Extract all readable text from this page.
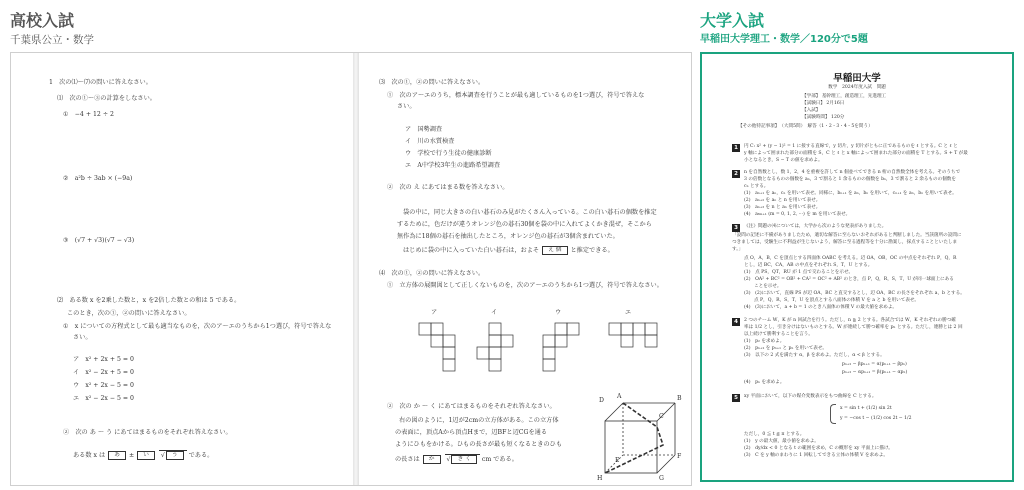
高校入試
千葉県公立・数学
大学入試
早稲田大学理工・数学／120分で5題
1　次の⑴～⑺の問いに答えなさい。
⑴　次の①～③の計算をしなさい。
①　−4 + 12 ÷ 2
②　a²b ÷ 3ab × (−9a)
③　(√7 + √3)(√7 − √3)
⑵　ある数 x を2乗した数と，x を2倍した数との和は 5 である。
このとき，次の①，②の問いに答えなさい。
①　x についての方程式として最も適当なものを，次のア～エのうちから1つ選び，符号で答えな
さい。
ア　x² + 2x + 5 = 0
イ　x² − 2x + 5 = 0
ウ　x² + 2x − 5 = 0
エ　x² − 2x − 5 = 0
②　次の あ ～ う にあてはまるものをそれぞれ答えなさい。
ある数 x は あ ± い √ う である。
⑶　次の①，②の問いに答えなさい。
①　次のア～エのうち，標本調査を行うことが最も適しているものを1つ選び，符号で答えな
さい。
ア　国勢調査
イ　川の水質検査
ウ　学校で行う生徒の健康診断
エ　A中学校3年生の進路希望調査
②　次の え にあてはまる数を答えなさい。
袋の中に，同じ大きさの白い碁石のみ見がたくさん入っている。この白い碁石の個数を推定
するために，色だけが違うオレンジ色の碁石30個を袋の中に入れてよくかき混ぜ，そこから
無作為に18個の碁石を抽出したところ，オレンジ色の碁石が3個含まれていた。
はじめに袋の中に入っていた白い碁石は，およそ え 個 と推定できる。
⑷　次の①，②の問いに答えなさい。
①　立方体の展開図として正しくないものを，次のア～エのうちから1つ選び，符号で答えなさい。
ア	イ	ウ	エ
D
A	B
C
E
F
G
H
②　次の か ～ く にあてはまるものをそれぞれ答えなさい。
右の図のように，1辺が2cmの立方体がある。この立方体
の表面に，頂点Aから頂点Hまで，辺BFと辺CGを通る
ようにひもをかける。ひもの長さが最も短くなるときのひも
の長さは か √ き く cm である。
早稲田大学
数学　2024年度入試　問題
【学部】 基幹理工，創造理工，先進理工
【試験日】 2月16日
【入試】
【試験時間】 120分
【その他特記事項】　（大問5問）　解答（1・2・3・4・5を問う）
1	円 C: x² + (y − 1)² = 1 に接する直線で，y 切片，y 切片がともに正であるものを ℓ とする。C と ℓ と
y 軸によって囲まれた部分の面積を S，C と ℓ と x 軸によって囲まれた部分の面積を T とする。S + T が最
小となるとき，S − T の値を求めよ。
2	n を自然数とし，数 1，2，4 を重複を許して n 個並べてできる n 桁の自然数全体を考える。そのうちで
3 の倍数となるものの個数を aₙ，3 で割ると 1 余るものの個数を bₙ，3 で割ると 2 余るものの個数を
cₙ とする。
(1)　aₙ₊₁ を aₙ，cₙ を用いて表せ。同様に，bₙ₊₁ を aₙ，bₙ を用いて，cₙ₊₁ を aₙ，bₙ を用いて表せ。
(2)　aₙ₊₂ を aₙ と n を用いて表せ。
(3)　aₙ₊₃ を n と aₙ を用いて表せ。
(4)　a₆ₘ₊₁ (m = 0, 1, 2, ···) を m を用いて表せ。
3	《注》問題の⑷については，大学から次のような発表がありました。
「設問の記述に不備がありましたため，適切な解答に至らないおそれがあると判断しました。当該箇所の設問に
つきましては，受験生に不利益が生じないよう，解答に至る過程等を十分に勘案し，採点することといたしま
す。」
点 O，A，B，C を頂点とする四面体 OABC を考える。辺 OA，OB，OC の中点をそれぞれ P，Q，R
とし，辺 BC，CA，AB の中点をそれぞれ S，T，U とする。
(1)　点 PS，QT，RU が 1 点で交わることを示せ。
(2)　OA² + BC² = OB² + CA² = OC² + AB² のとき，点 P，Q，R，S，T，U が同一球面上にある
ことを示せ。
(3)　(2)において，直線 PS が辺 OA，BC と直交するとし，辺 OA，BC の長さをそれぞれ a，b とする。
点 P，Q，R，S，T，U を頂点とする八面体の体積 V を a と b を用いて表せ。
(4)　(3)において，a + b = 1 のとき八面体の体積 V の最大値を求めよ。
4	2 つのチーム W，K が n 回試合を行う。ただし，n ≧ 2 とする。各試合では W，K それぞれの勝つ確
率は 1/2 とし，引き分けはないものとする。W が連続して勝つ確率を pₙ とする。ただし，連勝とは 2 回
以上続けて勝利することを言う。
(1)　p₂ を求めよ。
(2)　pₙ₊₂ を pₙ₊₁ と pₙ を用いて表せ。
(3)　以下の 2 式を満たす α，β を求めよ。ただし，α < β とする。
pₙ₊₂ − βpₙ₊₁ = α(pₙ₊₁ − βpₙ)
pₙ₊₂ − αpₙ₊₁ = β(pₙ₊₁ − αpₙ)
(4)　pₙ を求めよ。
5	xy 平面において，以下の媒介変数表示をもつ曲線を C とする。
x = sin t + (1/2) sin 2t
y = −cos t − (1/2) cos 2t − 1/2
ただし，0 ≦ t ≦ π とする。
(1)　y の最大値，最小値を求めよ。
(2)　dy/dx < 0 となる t の範囲を求め，C の概形を xy 平面上に描け。
(3)　C を y 軸のまわりに 1 回転してできる立体の体積 V を求めよ。
